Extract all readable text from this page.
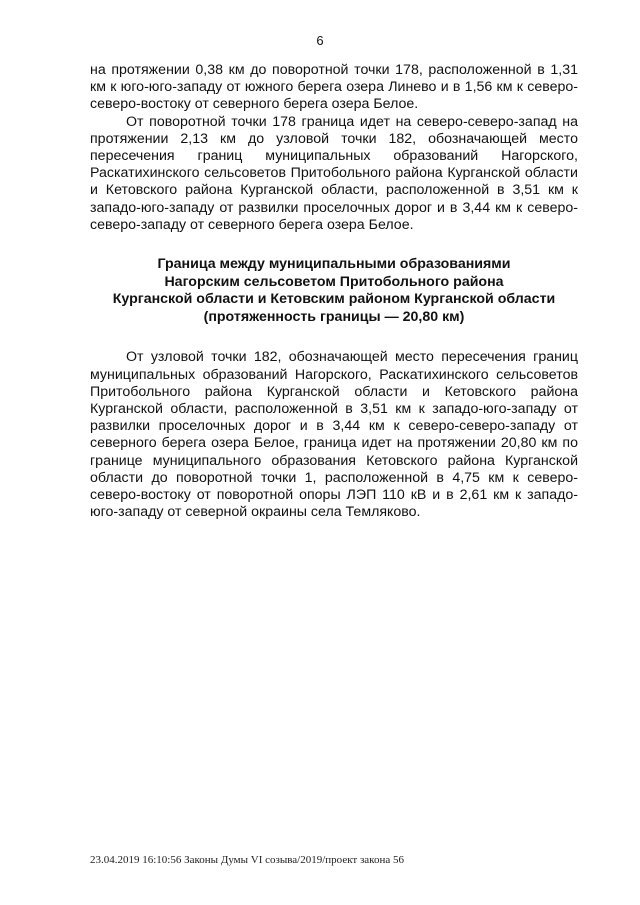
6

на протяжении 0,38 км до поворотной точки 178, расположенной в 1,31 км к юго-юго-западу от южного берега озера Линево и в 1,56 км к северо-северо-востоку от северного берега озера Белое.

От поворотной точки 178 граница идет на северо-северо-запад на протяжении 2,13 км до узловой точки 182, обозначающей место пересечения границ муниципальных образований Нагорского, Раскатихинского сельсоветов Притобольного района Курганской области и Кетовского района Курганской области, расположенной в 3,51 км к западо-юго-западу от развилки проселочных дорог и в 3,44 км к северо-северо-западу от северного берега озера Белое.

Граница между муниципальными образованиями
Нагорским сельсоветом Притобольного района
Курганской области и Кетовским районом Курганской области
(протяженность границы — 20,80 км)

От узловой точки 182, обозначающей место пересечения границ муниципальных образований Нагорского, Раскатихинского сельсоветов Притобольного района Курганской области и Кетовского района Курганской области, расположенной в 3,51 км к западо-юго-западу от развилки проселочных дорог и в 3,44 км к северо-северо-западу от северного берега озера Белое, граница идет на протяжении 20,80 км по границе муниципального образования Кетовского района Курганской области до поворотной точки 1, расположенной в 4,75 км к северо-северо-востоку от поворотной опоры ЛЭП 110 кВ и в 2,61 км к западо-юго-западу от северной окраины села Темляково.

23.04.2019 16:10:56 Законы Думы VI созыва/2019/проект закона 56
